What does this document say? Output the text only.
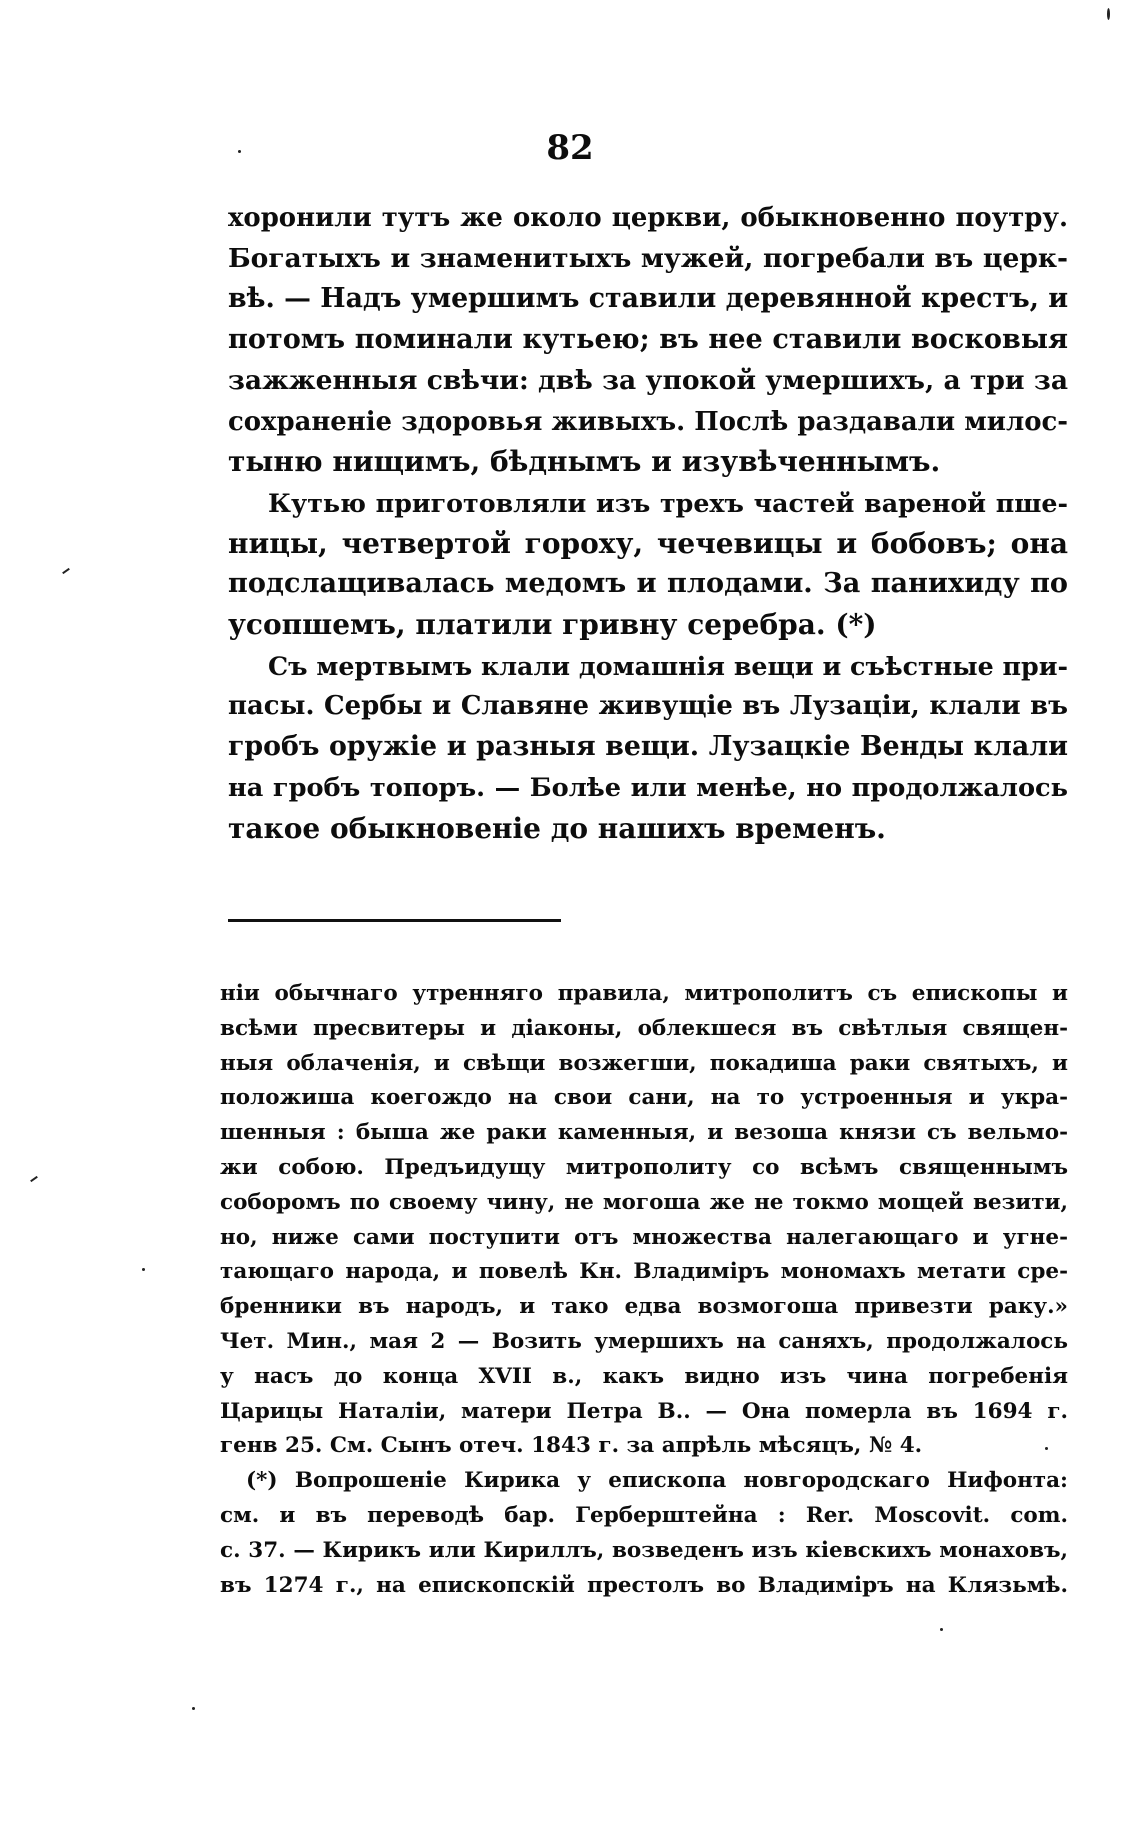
82
хоронили тутъ же около церкви, обыкновенно поутру.
Богатыхъ и знаменитыхъ мужей, погребали въ церк-
вѣ. — Надъ умершимъ ставили деревянной крестъ, и
потомъ поминали кутьею; въ нее ставили восковыя
зажженныя свѣчи: двѣ за упокой умершихъ, а три за
сохраненіе здоровья живыхъ. Послѣ раздавали милос-
тыню нищимъ, бѣднымъ и изувѣченнымъ.
Кутью приготовляли изъ трехъ частей вареной пше-
ницы, четвертой гороху, чечевицы и бобовъ; она
подслащивалась медомъ и плодами. За панихиду по
усопшемъ, платили гривну серебра. (*)
Съ мертвымъ клали домашнія вещи и съѣстные при-
пасы. Сербы и Славяне живущіе въ Лузаціи, клали въ
гробъ оружіе и разныя вещи. Лузацкіе Венды клали
на гробъ топоръ. — Болѣе или менѣе, но продолжалось
такое обыкновеніе до нашихъ временъ.
ніи обычнаго утренняго правила, митрополитъ съ епископы и
всѣми пресвитеры и діаконы, облекшеся въ свѣтлыя священ-
ныя облаченія, и свѣщи возжегши, покадиша раки святыхъ, и
положиша коегождо на свои сани, на то устроенныя и укра-
шенныя : быша же раки каменныя, и везоша князи съ вельмо-
жи собою. Предъидущу митрополиту со всѣмъ священнымъ
соборомъ по своему чину, не могоша же не токмо мощей везити,
но, ниже сами поступити отъ множества налегающаго и угне-
тающаго народа, и повелѣ Кн. Владиміръ мономахъ метати сре-
бренники въ народъ, и тако едва возмогоша привезти раку.»
Чет. Мин., мая 2 — Возить умершихъ на саняхъ, продолжалось
у насъ до конца XVII в., какъ видно изъ чина погребенія
Царицы Наталіи, матери Петра В.. — Она померла въ 1694 г.
генв 25. См. Сынъ отеч. 1843 г. за апрѣль мѣсяцъ, № 4.
(*) Вопрошеніе Кирика у епископа новгородскаго Нифонта:
см. и въ переводѣ бар. Герберштейна : Rer. Moscovit. com.
с. 37. — Кирикъ или Кириллъ, возведенъ изъ кіевскихъ монаховъ,
въ 1274 г., на епископскій престолъ во Владиміръ на Клязьмѣ.
